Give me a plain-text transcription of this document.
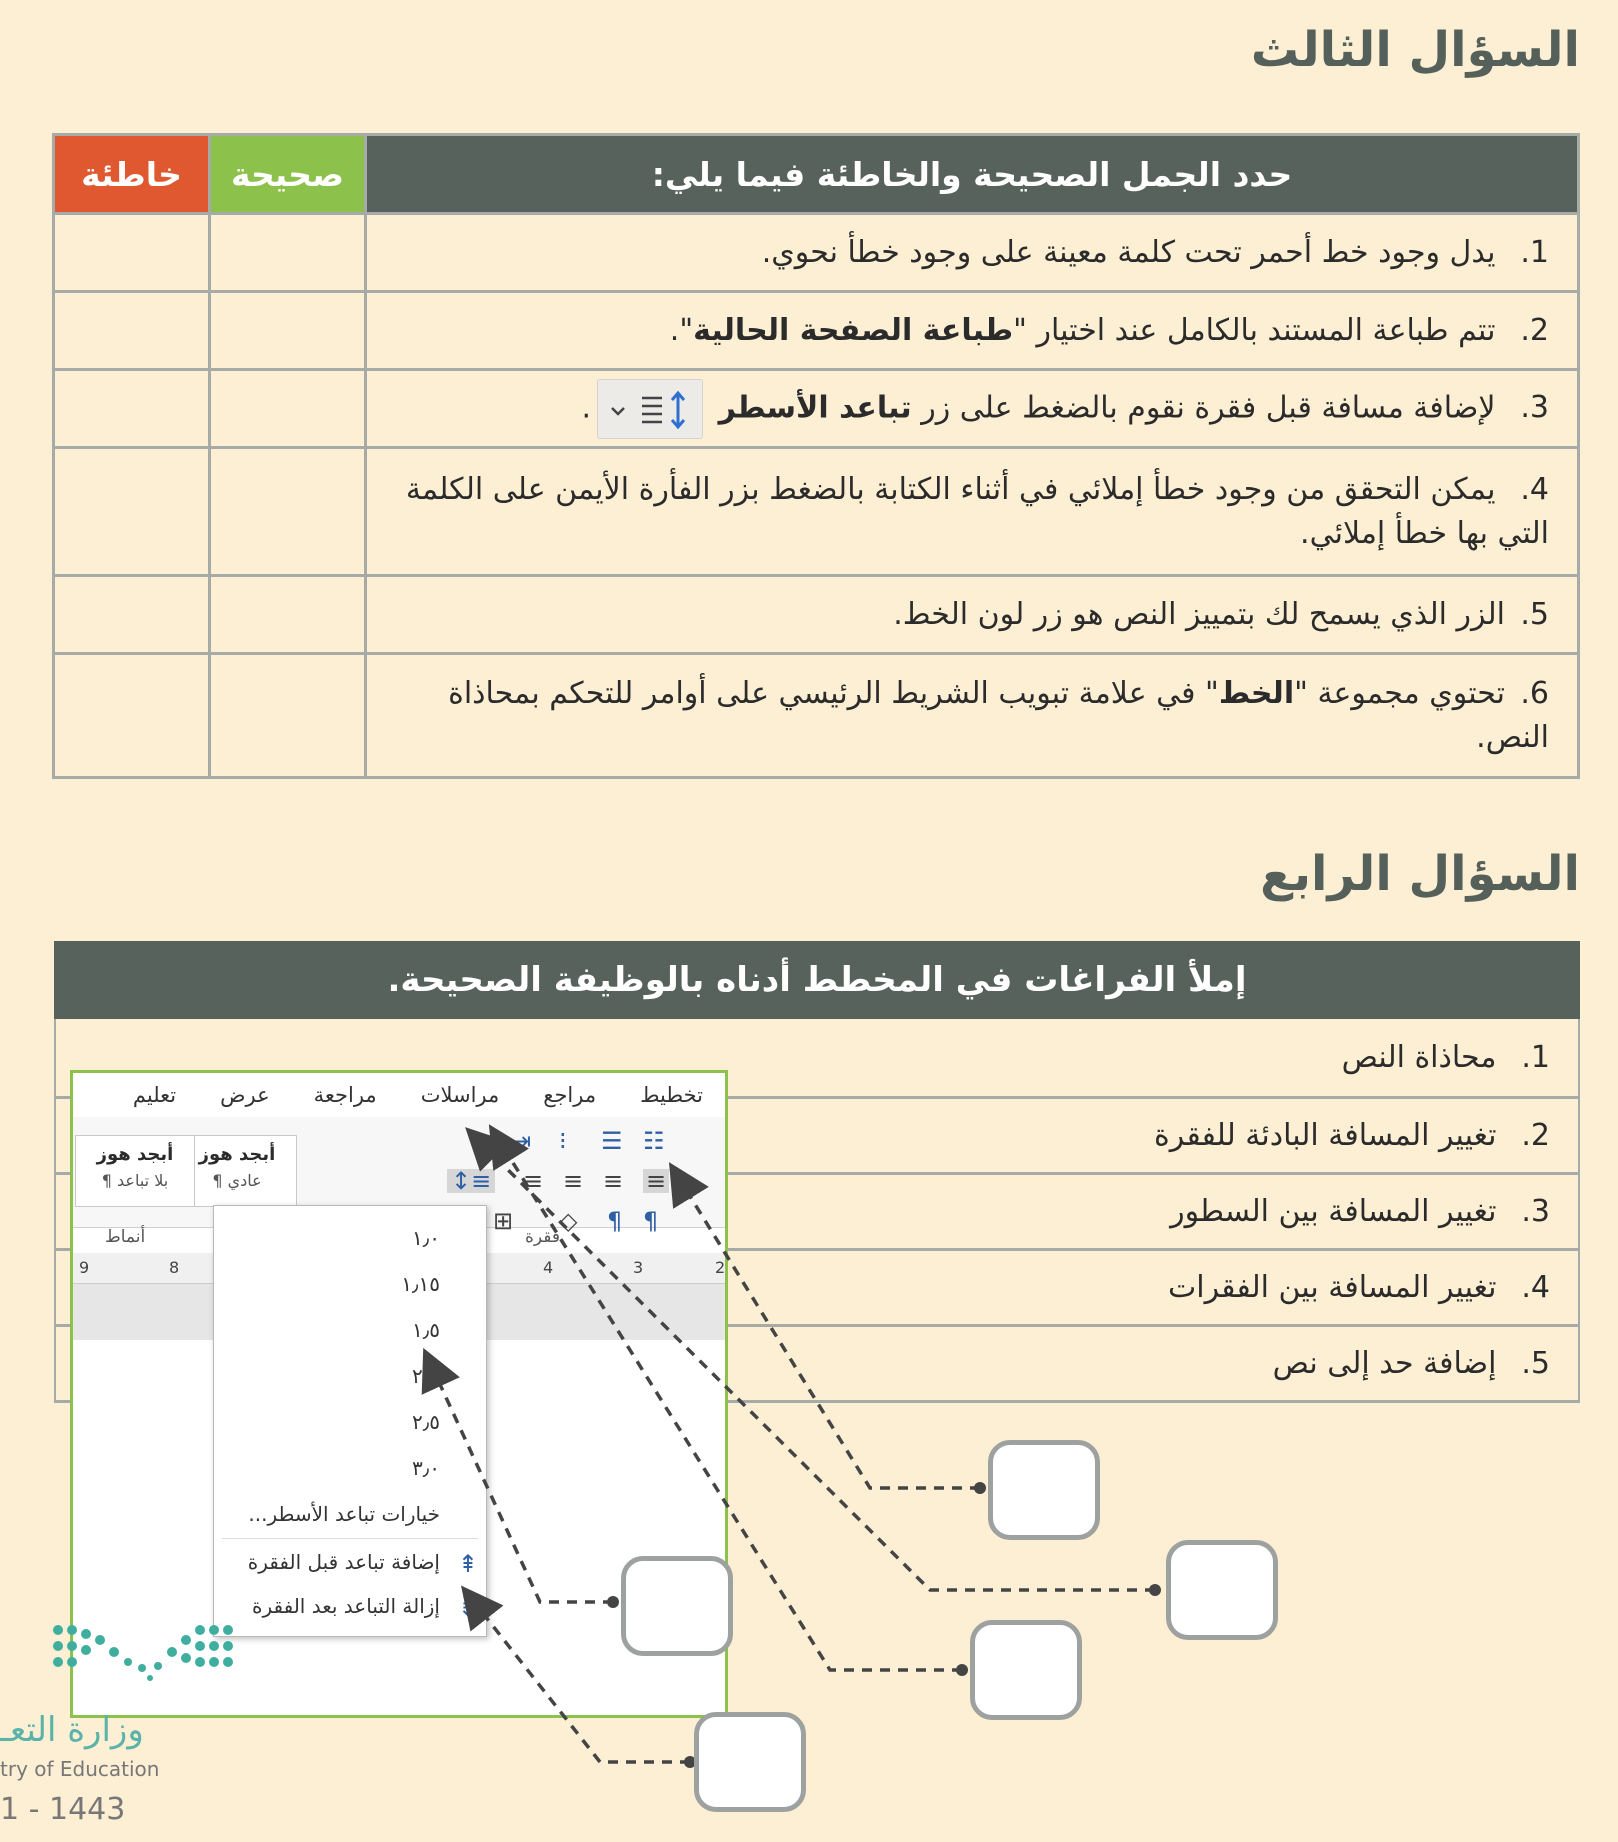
السؤال الثالث
حدد الجمل الصحيحة والخاطئة فيما يلي:	صحيحة	خاطئة
1. يدل وجود خط أحمر تحت كلمة معينة على وجود خطأ نحوي.		
2. تتم طباعة المستند بالكامل عند اختيار "طباعة الصفحة الحالية".		
3. لإضافة مسافة قبل فقرة نقوم بالضغط على زر تباعد الأسطر .		
4. يمكن التحقق من وجود خطأ إملائي في أثناء الكتابة بالضغط بزر الفأرة الأيمن على الكلمة التي بها خطأ إملائي.		
5.الزر الذي يسمح لك بتمييز النص هو زر لون الخط.		
6.تحتوي مجموعة "الخط" في علامة تبويب الشريط الرئيسي على أوامر للتحكم بمحاذاة النص.		
السؤال الرابع
إملأ الفراغات في المخطط أدناه بالوظيفة الصحيحة.
1.

محاذاة النص
2.

تغيير المسافة البادئة للفقرة
3.

تغيير المسافة بين السطور
4.

تغيير المسافة بين الفقرات
5.

إضافة حد إلى نص
تخطيط
مراجع
مراسلات
مراجعة
عرض
تعليم
☷
☰
⁝
⇥
⇤
≡
≡
≡
≡
↕≡
¶
¶
◇
⊞
أبجد هوز
¶ عادي
أبجد هوز
¶ بلا تباعد
فقرة
أنماط
2
3
4
8
9
١٫٠
١٫١٥
١٫٥
٢٫٠
٢٫٥
٣٫٠
خيارات تباعد الأسطر...
⇞
إضافة تباعد قبل الفقرة
⇟
إزالة التباعد بعد الفقرة
وزارة التعـ
try of Education
1 - 1443
